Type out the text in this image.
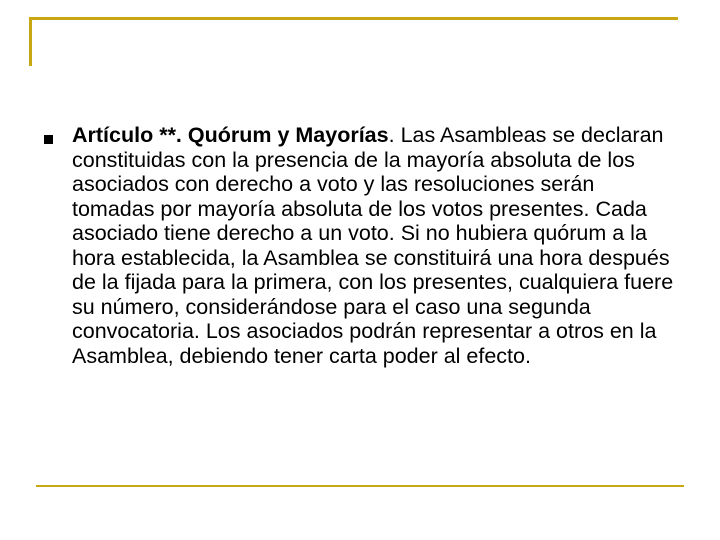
Artículo **. Quórum y Mayorías. Las Asambleas se declaran constituidas con la presencia de la mayoría absoluta de los asociados con derecho a voto y las resoluciones serán tomadas por mayoría absoluta de los votos presentes. Cada asociado tiene derecho a un voto. Si no hubiera quórum a la hora establecida, la Asamblea se constituirá una hora después de la fijada para la primera, con los presentes, cualquiera fuere su número, considerándose para el caso una segunda convocatoria. Los asociados podrán representar a otros en la Asamblea, debiendo tener carta poder al efecto.
